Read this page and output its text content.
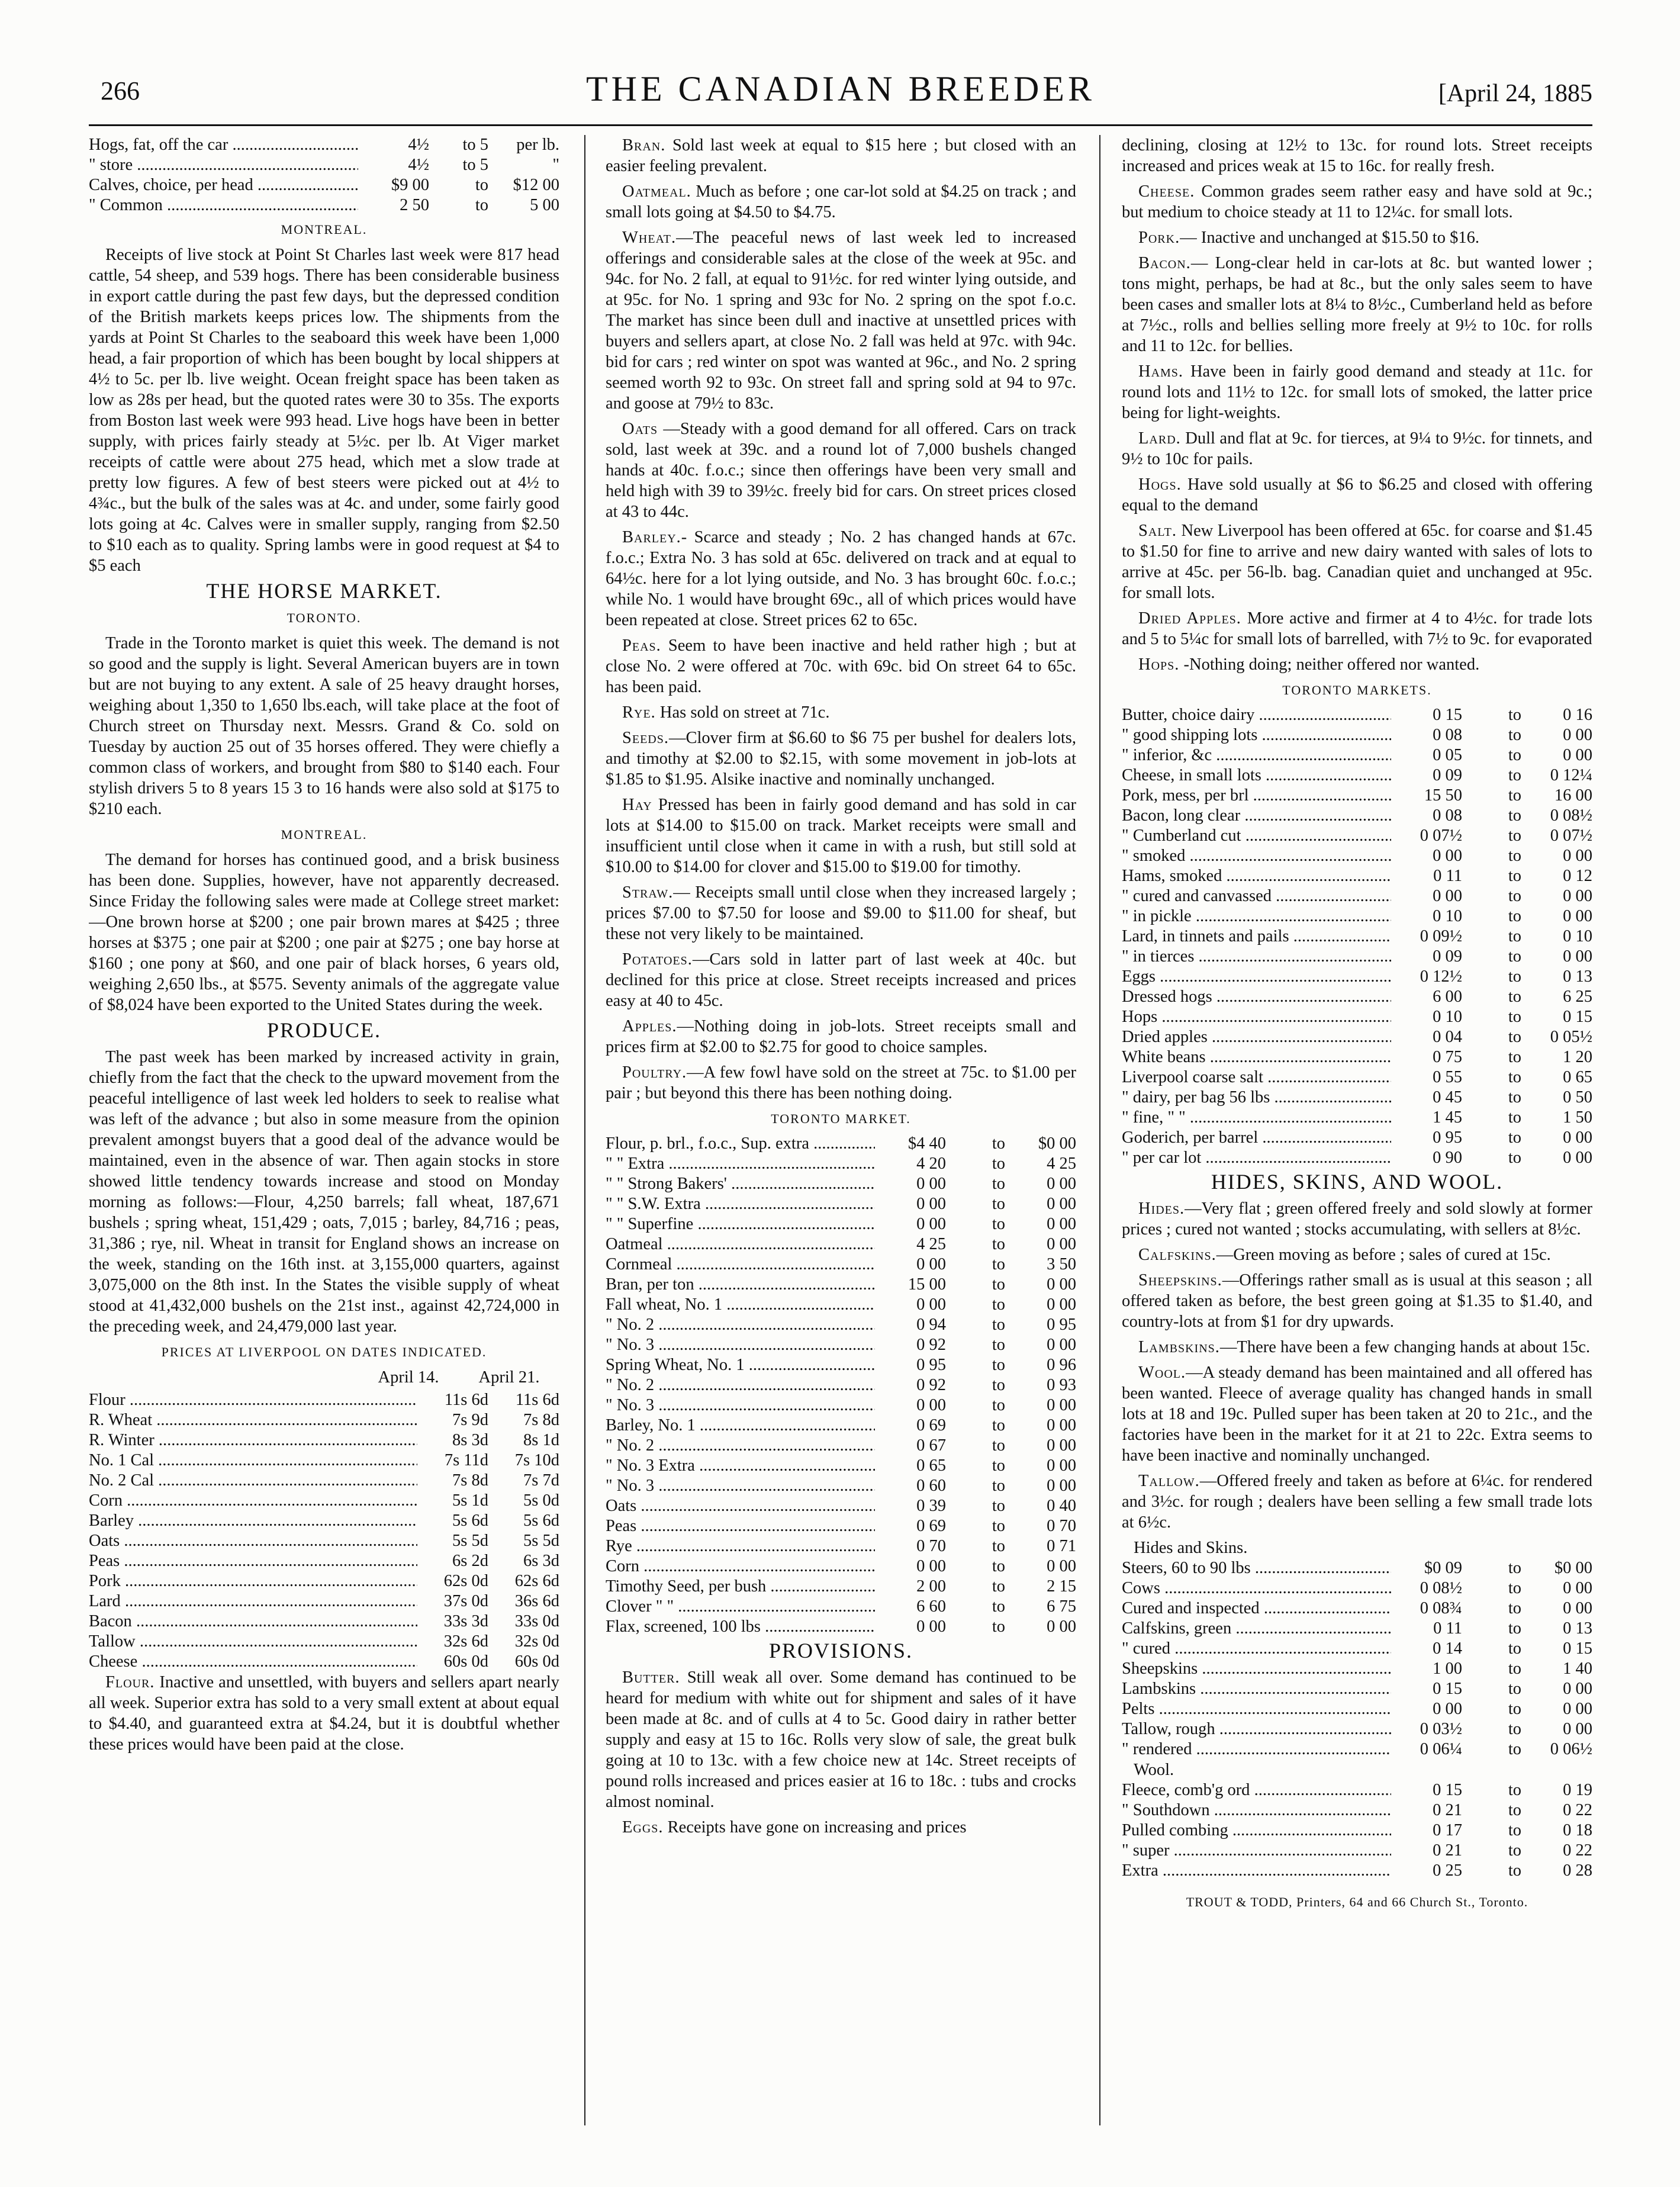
266	THE CANADIAN BREEDER	[April 24, 1885
Hogs, fat, off the car .....	4½	to 5	per lb.
" store .....	4½	to 5	"
Calves, choice, per head .....	$9 00	to	$12 00
" Common .....	2 50	to	5 00
MONTREAL.

Receipts of live stock at Point St Charles last week were 817 head cattle, 54 sheep, and 539 hogs. There has been considerable business in export cattle during the past few days, but the depressed condition of the British markets keeps prices low. The shipments from the yards at Point St Charles to the seaboard this week have been 1,000 head, a fair proportion of which has been bought by local shippers at 4½ to 5c. per lb. live weight. Ocean freight space has been taken as low as 28s per head, but the quoted rates were 30 to 35s. The exports from Boston last week were 993 head. Live hogs have been in better supply, with prices fairly steady at 5½c. per lb. At Viger market receipts of cattle were about 275 head, which met a slow trade at pretty low figures. A few of best steers were picked out at 4½ to 4¾c., but the bulk of the sales was at 4c. and under, some fairly good lots going at 4c. Calves were in smaller supply, ranging from $2.50 to $10 each as to quality. Spring lambs were in good request at $4 to $5 each

THE HORSE MARKET.
TORONTO.

Trade in the Toronto market is quiet this week. The demand is not so good and the supply is light. Several American buyers are in town but are not buying to any extent. A sale of 25 heavy draught horses, weighing about 1,350 to 1,650 lbs.each, will take place at the foot of Church street on Thursday next. Messrs. Grand & Co. sold on Tuesday by auction 25 out of 35 horses offered. They were chiefly a common class of workers, and brought from $80 to $140 each. Four stylish drivers 5 to 8 years 15 3 to 16 hands were also sold at $175 to $210 each.

MONTREAL.

The demand for horses has continued good, and a brisk business has been done. Supplies, however, have not apparently decreased. Since Friday the following sales were made at College street market:—One brown horse at $200 ; one pair brown mares at $425 ; three horses at $375 ; one pair at $200 ; one pair at $275 ; one bay horse at $160 ; one pony at $60, and one pair of black horses, 6 years old, weighing 2,650 lbs., at $575. Seventy animals of the aggregate value of $8,024 have been exported to the United States during the week.

PRODUCE.

The past week has been marked by increased activity in grain, chiefly from the fact that the check to the upward movement from the peaceful intelligence of last week led holders to seek to realise what was left of the advance ; but also in some measure from the opinion prevalent amongst buyers that a good deal of the advance would be maintained, even in the absence of war. Then again stocks in store showed little tendency towards increase and stood on Monday morning as follows:—Flour, 4,250 barrels; fall wheat, 187,671 bushels ; spring wheat, 151,429 ; oats, 7,015 ; barley, 84,716 ; peas, 31,386 ; rye, nil. Wheat in transit for England shows an increase on the week, standing on the 16th inst. at 3,155,000 quarters, against 3,075,000 on the 8th inst. In the States the visible supply of wheat stood at 41,432,000 bushels on the 21st inst., against 42,724,000 in the preceding week, and 24,479,000 last year.

PRICES AT LIVERPOOL ON DATES INDICATED.
April 14.	April 21.
Flour .....	11s 6d	11s 6d
R. Wheat .....	7s 9d	7s 8d
R. Winter .....	8s 3d	8s 1d
No. 1 Cal .....	7s 11d	7s 10d
No. 2 Cal .....	7s 8d	7s 7d
Corn .....	5s 1d	5s 0d
Barley .....	5s 6d	5s 6d
Oats .....	5s 5d	5s 5d
Peas .....	6s 2d	6s 3d
Pork .....	62s 0d	62s 6d
Lard .....	37s 0d	36s 6d
Bacon .....	33s 3d	33s 0d
Tallow .....	32s 6d	32s 0d
Cheese .....	60s 0d	60s 0d

Flour. Inactive and unsettled, with buyers and sellers apart nearly all week. Superior extra has sold to a very small extent at about equal to $4.40, and guaranteed extra at $4.24, but it is doubtful whether these prices would have been paid at the close.

Bran. Sold last week at equal to $15 here ; but closed with an easier feeling prevalent.

Oatmeal. Much as before ; one car-lot sold at $4.25 on track ; and small lots going at $4.50 to $4.75.

Wheat.—The peaceful news of last week led to increased offerings and considerable sales at the close of the week at 95c. and 94c. for No. 2 fall, at equal to 91½c. for red winter lying outside, and at 95c. for No. 1 spring and 93c for No. 2 spring on the spot f.o.c. The market has since been dull and inactive at unsettled prices with buyers and sellers apart, at close No. 2 fall was held at 97c. with 94c. bid for cars ; red winter on spot was wanted at 96c., and No. 2 spring seemed worth 92 to 93c. On street fall and spring sold at 94 to 97c. and goose at 79½ to 83c.

Oats —Steady with a good demand for all offered. Cars on track sold, last week at 39c. and a round lot of 7,000 bushels changed hands at 40c. f.o.c.; since then offerings have been very small and held high with 39 to 39½c. freely bid for cars. On street prices closed at 43 to 44c.

Barley.- Scarce and steady ; No. 2 has changed hands at 67c. f.o.c.; Extra No. 3 has sold at 65c. delivered on track and at equal to 64½c. here for a lot lying outside, and No. 3 has brought 60c. f.o.c.; while No. 1 would have brought 69c., all of which prices would have been repeated at close. Street prices 62 to 65c.

Peas. Seem to have been inactive and held rather high ; but at close No. 2 were offered at 70c. with 69c. bid On street 64 to 65c. has been paid.

Rye. Has sold on street at 71c.

Seeds.—Clover firm at $6.60 to $6 75 per bushel for dealers lots, and timothy at $2.00 to $2.15, with some movement in job-lots at $1.85 to $1.95. Alsike inactive and nominally unchanged.

Hay Pressed has been in fairly good demand and has sold in car lots at $14.00 to $15.00 on track. Market receipts were small and insufficient until close when it came in with a rush, but still sold at $10.00 to $14.00 for clover and $15.00 to $19.00 for timothy.

Straw.— Receipts small until close when they increased largely ; prices $7.00 to $7.50 for loose and $9.00 to $11.00 for sheaf, but these not very likely to be maintained.

Potatoes.—Cars sold in latter part of last week at 40c. but declined for this price at close. Street receipts increased and prices easy at 40 to 45c.

Apples.—Nothing doing in job-lots. Street receipts small and prices firm at $2.00 to $2.75 for good to choice samples.

Poultry.—A few fowl have sold on the street at 75c. to $1.00 per pair ; but beyond this there has been nothing doing.

TORONTO MARKET.
Flour, p. brl., f.o.c., Sup. extra .....	$4 40	to	$0 00
" " Extra .....	4 20	to	4 25
" " Strong Bakers' .....	0 00	to	0 00
" " S.W. Extra .....	0 00	to	0 00
" " Superfine .....	0 00	to	0 00
Oatmeal .....	4 25	to	0 00
Cornmeal .....	0 00	to	3 50
Bran, per ton .....	15 00	to	0 00
Fall wheat, No. 1 .....	0 00	to	0 00
" No. 2 .....	0 94	to	0 95
" No. 3 .....	0 92	to	0 00
Spring Wheat, No. 1 .....	0 95	to	0 96
" No. 2 .....	0 92	to	0 93
" No. 3 .....	0 00	to	0 00
Barley, No. 1 .....	0 69	to	0 00
" No. 2 .....	0 67	to	0 00
" No. 3 Extra .....	0 65	to	0 00
" No. 3 .....	0 60	to	0 00
Oats .....	0 39	to	0 40
Peas .....	0 69	to	0 70
Rye .....	0 70	to	0 71
Corn .....	0 00	to	0 00
Timothy Seed, per bush .....	2 00	to	2 15
Clover " " .....	6 60	to	6 75
Flax, screened, 100 lbs .....	0 00	to	0 00
PROVISIONS.

Butter. Still weak all over. Some demand has continued to be heard for medium with white out for shipment and sales of it have been made at 8c. and of culls at 4 to 5c. Good dairy in rather better supply and easy at 15 to 16c. Rolls very slow of sale, the great bulk going at 10 to 13c. with a few choice new at 14c. Street receipts of pound rolls increased and prices easier at 16 to 18c. : tubs and crocks almost nominal.

Eggs. Receipts have gone on increasing and prices

declining, closing at 12½ to 13c. for round lots. Street receipts increased and prices weak at 15 to 16c. for really fresh.

Cheese. Common grades seem rather easy and have sold at 9c.; but medium to choice steady at 11 to 12¼c. for small lots.

Pork.— Inactive and unchanged at $15.50 to $16.

Bacon.— Long-clear held in car-lots at 8c. but wanted lower ; tons might, perhaps, be had at 8c., but the only sales seem to have been cases and smaller lots at 8¼ to 8½c., Cumberland held as before at 7½c., rolls and bellies selling more freely at 9½ to 10c. for rolls and 11 to 12c. for bellies.

Hams. Have been in fairly good demand and steady at 11c. for round lots and 11½ to 12c. for small lots of smoked, the latter price being for light-weights.

Lard. Dull and flat at 9c. for tierces, at 9¼ to 9½c. for tinnets, and 9½ to 10c for pails.

Hogs. Have sold usually at $6 to $6.25 and closed with offering equal to the demand

Salt. New Liverpool has been offered at 65c. for coarse and $1.45 to $1.50 for fine to arrive and new dairy wanted with sales of lots to arrive at 45c. per 56-lb. bag. Canadian quiet and unchanged at 95c. for small lots.

Dried Apples. More active and firmer at 4 to 4½c. for trade lots and 5 to 5¼c for small lots of barrelled, with 7½ to 9c. for evaporated

Hops. -Nothing doing; neither offered nor wanted.

TORONTO MARKETS.
Butter, choice dairy .....	0 15	to	0 16
" good shipping lots .....	0 08	to	0 00
" inferior, &c .....	0 05	to	0 00
Cheese, in small lots .....	0 09	to	0 12¼
Pork, mess, per brl .....	15 50	to	16 00
Bacon, long clear .....	0 08	to	0 08½
" Cumberland cut .....	0 07½	to	0 07½
" smoked .....	0 00	to	0 00
Hams, smoked .....	0 11	to	0 12
" cured and canvassed .....	0 00	to	0 00
" in pickle .....	0 10	to	0 00
Lard, in tinnets and pails .....	0 09½	to	0 10
" in tierces .....	0 09	to	0 00
Eggs .....	0 12½	to	0 13
Dressed hogs .....	6 00	to	6 25
Hops .....	0 10	to	0 15
Dried apples .....	0 04	to	0 05½
White beans .....	0 75	to	1 20
Liverpool coarse salt .....	0 55	to	0 65
" dairy, per bag 56 lbs .....	0 45	to	0 50
" fine, " " .....	1 45	to	1 50
Goderich, per barrel .....	0 95	to	0 00
" per car lot .....	0 90	to	0 00
HIDES, SKINS, AND WOOL.

Hides.—Very flat ; green offered freely and sold slowly at former prices ; cured not wanted ; stocks accumulating, with sellers at 8½c.

Calfskins.—Green moving as before ; sales of cured at 15c.

Sheepskins.—Offerings rather small as is usual at this season ; all offered taken as before, the best green going at $1.35 to $1.40, and country-lots at from $1 for dry upwards.

Lambskins.—There have been a few changing hands at about 15c.

Wool.—A steady demand has been maintained and all offered has been wanted. Fleece of average quality has changed hands in small lots at 18 and 19c. Pulled super has been taken at 20 to 21c., and the factories have been in the market for it at 21 to 22c. Extra seems to have been inactive and nominally unchanged.

Tallow.—Offered freely and taken as before at 6¼c. for rendered and 3½c. for rough ; dealers have been selling a few small trade lots at 6½c.

Hides and Skins.
Steers, 60 to 90 lbs .....	$0 09	to	$0 00
Cows .....	0 08½	to	0 00
Cured and inspected .....	0 08¾	to	0 00
Calfskins, green .....	0 11	to	0 13
" cured .....	0 14	to	0 15
Sheepskins .....	1 00	to	1 40
Lambskins .....	0 15	to	0 00
Pelts .....	0 00	to	0 00
Tallow, rough .....	0 03½	to	0 00
" rendered .....	0 06¼	to	0 06½
Wool.
Fleece, comb'g ord .....	0 15	to	0 19
" Southdown .....	0 21	to	0 22
Pulled combing .....	0 17	to	0 18
" super .....	0 21	to	0 22
Extra .....	0 25	to	0 28
TROUT & TODD, Printers, 64 and 66 Church St., Toronto.
